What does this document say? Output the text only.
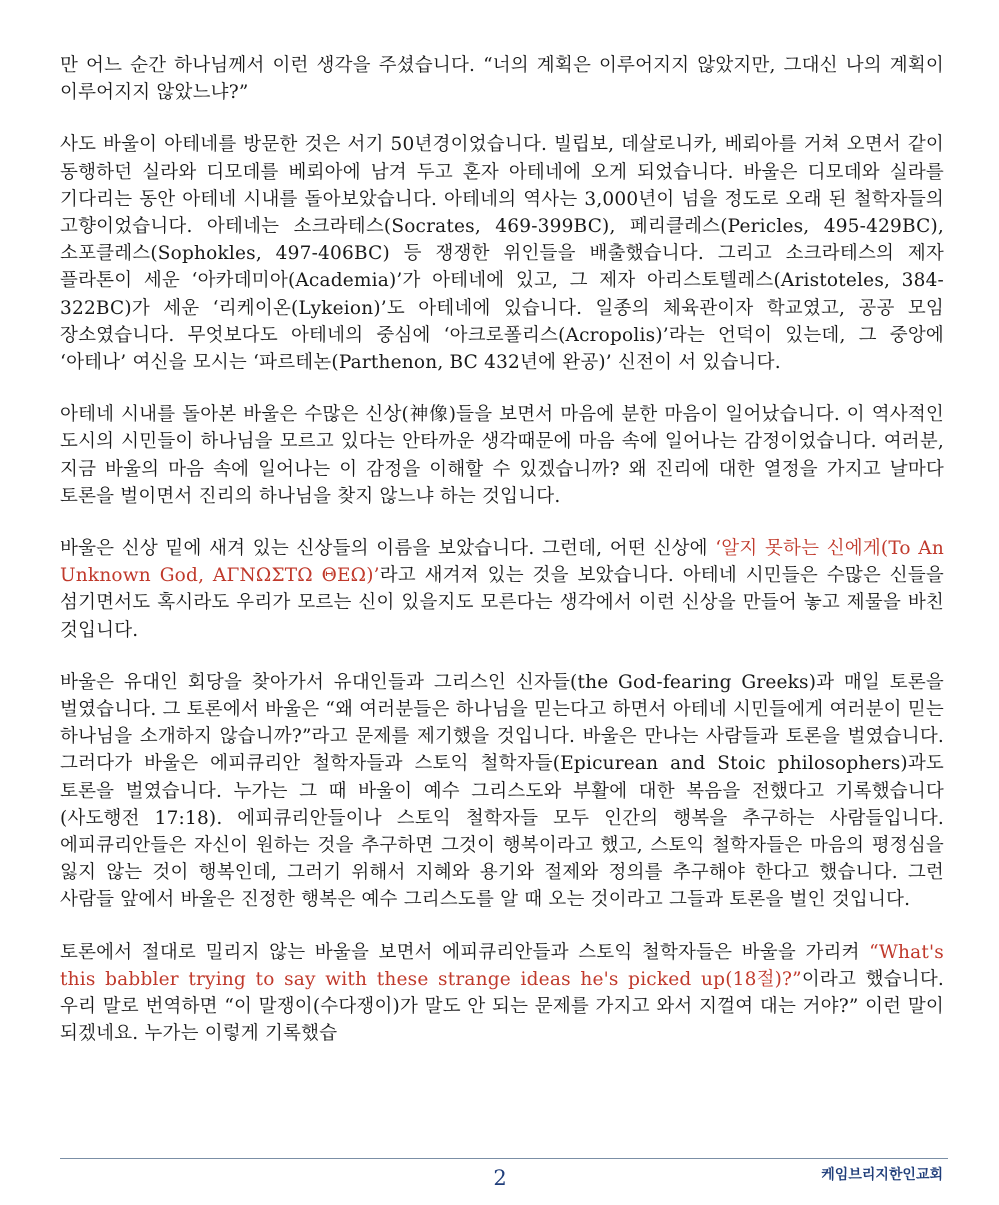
만 어느 순간 하나님께서 이런 생각을 주셨습니다. “너의 계획은 이루어지지 않았지만, 그대신 나의 계획이 이루어지지 않았느냐?”

사도 바울이 아테네를 방문한 것은 서기 50년경이었습니다. 빌립보, 데살로니카, 베뢰아를 거쳐 오면서 같이 동행하던 실라와 디모데를 베뢰아에 남겨 두고 혼자 아테네에 오게 되었습니다. 바울은 디모데와 실라를 기다리는 동안 아테네 시내를 돌아보았습니다. 아테네의 역사는 3,000년이 넘을 정도로 오래 된 철학자들의 고향이었습니다. 아테네는 소크라테스(Socrates, 469-399BC), 페리클레스(Pericles, 495-429BC), 소포클레스(Sophokles, 497-406BC) 등 쟁쟁한 위인들을 배출했습니다. 그리고 소크라테스의 제자 플라톤이 세운 ‘아카데미아(Academia)’가 아테네에 있고, 그 제자 아리스토텔레스(Aristoteles, 384-322BC)가 세운 ‘리케이온(Lykeion)’도 아테네에 있습니다. 일종의 체육관이자 학교였고, 공공 모임 장소였습니다. 무엇보다도 아테네의 중심에 ‘아크로폴리스(Acropolis)’라는 언덕이 있는데, 그 중앙에 ‘아테나’ 여신을 모시는 ‘파르테논(Parthenon, BC 432년에 완공)’ 신전이 서 있습니다.

아테네 시내를 돌아본 바울은 수많은 신상(神像)들을 보면서 마음에 분한 마음이 일어났습니다. 이 역사적인 도시의 시민들이 하나님을 모르고 있다는 안타까운 생각때문에 마음 속에 일어나는 감정이었습니다. 여러분, 지금 바울의 마음 속에 일어나는 이 감정을 이해할 수 있겠습니까? 왜 진리에 대한 열정을 가지고 날마다 토론을 벌이면서 진리의 하나님을 찾지 않느냐 하는 것입니다.

바울은 신상 밑에 새겨 있는 신상들의 이름을 보았습니다. 그런데, 어떤 신상에 ‘알지 못하는 신에게(To An Unknown God, ΑΓΝΩΣΤΩ ΘΕΩ)’라고 새겨져 있는 것을 보았습니다. 아테네 시민들은 수많은 신들을 섬기면서도 혹시라도 우리가 모르는 신이 있을지도 모른다는 생각에서 이런 신상을 만들어 놓고 제물을 바친 것입니다.

바울은 유대인 회당을 찾아가서 유대인들과 그리스인 신자들(the God-fearing Greeks)과 매일 토론을 벌였습니다. 그 토론에서 바울은 “왜 여러분들은 하나님을 믿는다고 하면서 아테네 시민들에게 여러분이 믿는 하나님을 소개하지 않습니까?”라고 문제를 제기했을 것입니다. 바울은 만나는 사람들과 토론을 벌였습니다. 그러다가 바울은 에피큐리안 철학자들과 스토익 철학자들(Epicurean and Stoic philosophers)과도 토론을 벌였습니다. 누가는 그 때 바울이 예수 그리스도와 부활에 대한 복음을 전했다고 기록했습니다(사도행전 17:18). 에피큐리안들이나 스토익 철학자들 모두 인간의 행복을 추구하는 사람들입니다. 에피큐리안들은 자신이 원하는 것을 추구하면 그것이 행복이라고 했고, 스토익 철학자들은 마음의 평정심을 잃지 않는 것이 행복인데, 그러기 위해서 지혜와 용기와 절제와 정의를 추구해야 한다고 했습니다. 그런 사람들 앞에서 바울은 진정한 행복은 예수 그리스도를 알 때 오는 것이라고 그들과 토론을 벌인 것입니다.

토론에서 절대로 밀리지 않는 바울을 보면서 에피큐리안들과 스토익 철학자들은 바울을 가리켜 “What's this babbler trying to say with these strange ideas he's picked up(18절)?”이라고 했습니다. 우리 말로 번역하면 “이 말쟁이(수다쟁이)가 말도 안 되는 문제를 가지고 와서 지껄여 대는 거야?” 이런 말이 되겠네요. 누가는 이렇게 기록했습

2	케임브리지한인교회
